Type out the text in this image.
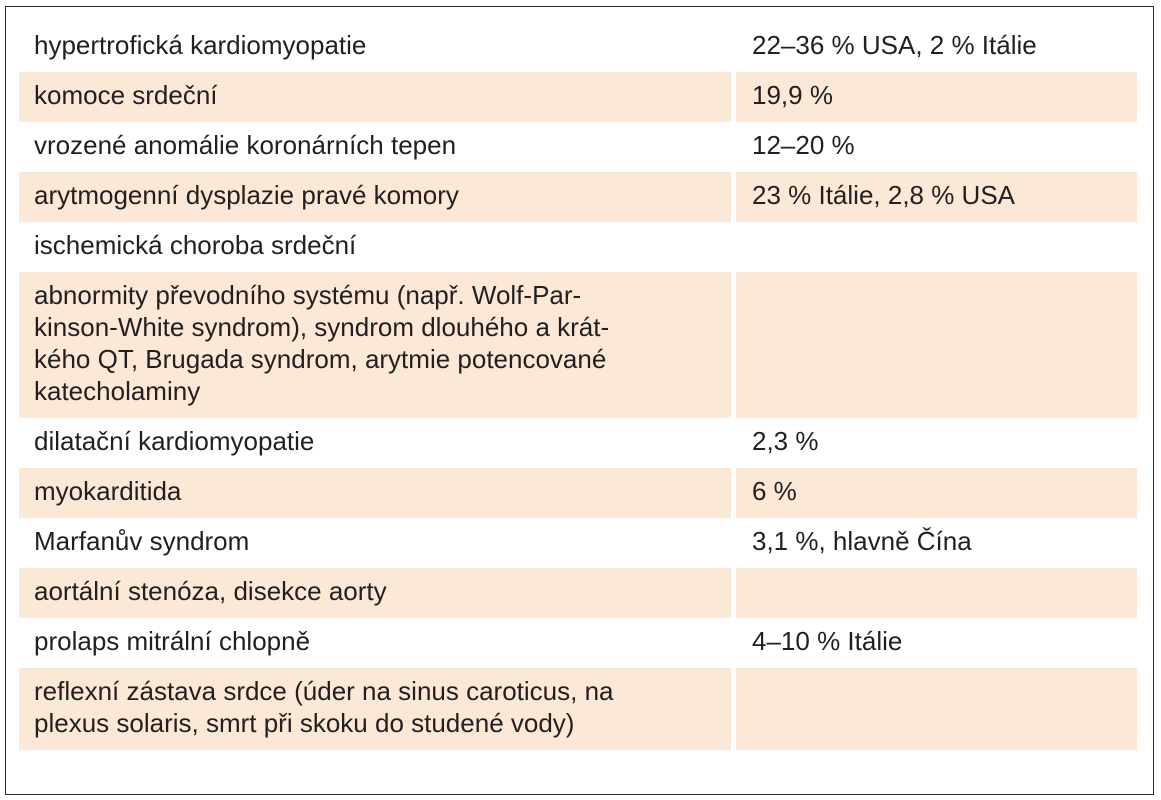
hypertrofická kardiomyopatie	22–36 % USA, 2 % Itálie
komoce srdeční	19,9 %
vrozené anomálie koronárních tepen	12–20 %
arytmogenní dysplazie pravé komory	23 % Itálie, 2,8 % USA
ischemická choroba srdeční	

abnormity převodního systému (např. Wolf-Par-
kinson-White syndrom), syndrom dlouhého a krát-
kého QT, Brugada syndrom, arytmie potencované
katecholaminy	

dilatační kardiomyopatie	2,3 %
myokarditida	6 %
Marfanův syndrom	3,1 %, hlavně Čína
aortální stenóza, disekce aorty	
prolaps mitrální chlopně	4–10 % Itálie

reflexní zástava srdce (úder na sinus caroticus, na
plexus solaris, smrt při skoku do studené vody)	
